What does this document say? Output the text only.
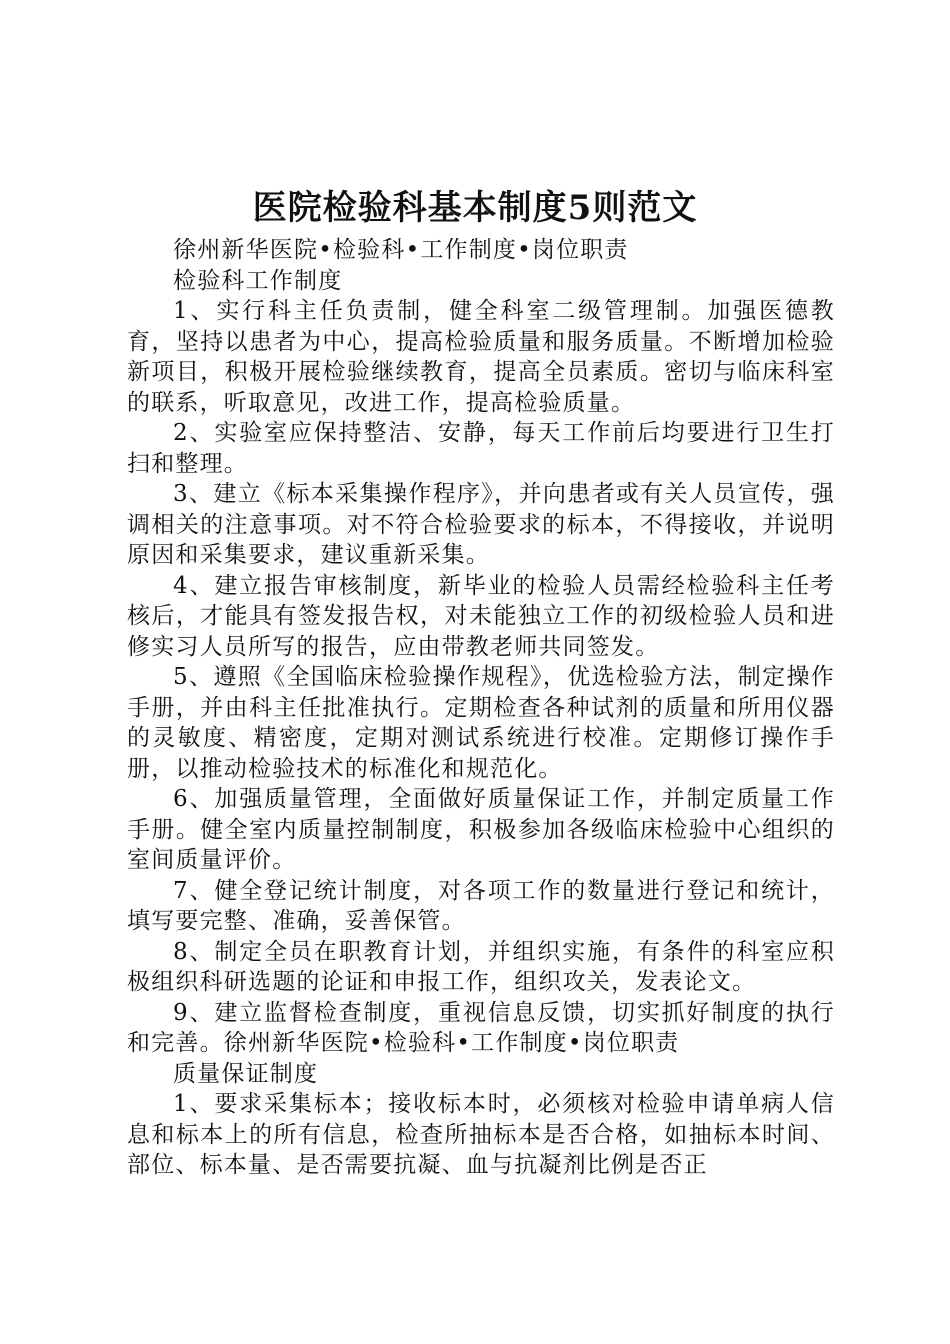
医院检验科基本制度5则范文

徐州新华医院•检验科•工作制度•岗位职责

检验科工作制度

1、实行科主任负责制，健全科室二级管理制。加强医德教育，坚持以患者为中心，提高检验质量和服务质量。不断增加检验新项目，积极开展检验继续教育，提高全员素质。密切与临床科室的联系，听取意见，改进工作，提高检验质量。

2、实验室应保持整洁、安静，每天工作前后均要进行卫生打扫和整理。

3、建立《标本采集操作程序》，并向患者或有关人员宣传，强调相关的注意事项。对不符合检验要求的标本，不得接收，并说明原因和采集要求，建议重新采集。

4、建立报告审核制度，新毕业的检验人员需经检验科主任考核后，才能具有签发报告权，对未能独立工作的初级检验人员和进修实习人员所写的报告，应由带教老师共同签发。

5、遵照《全国临床检验操作规程》，优选检验方法，制定操作手册，并由科主任批准执行。定期检查各种试剂的质量和所用仪器的灵敏度、精密度，定期对测试系统进行校准。定期修订操作手册，以推动检验技术的标准化和规范化。

6、加强质量管理，全面做好质量保证工作，并制定质量工作手册。健全室内质量控制制度，积极参加各级临床检验中心组织的室间质量评价。

7、健全登记统计制度，对各项工作的数量进行登记和统计，填写要完整、准确，妥善保管。

8、制定全员在职教育计划，并组织实施，有条件的科室应积极组织科研选题的论证和申报工作，组织攻关，发表论文。

9、建立监督检查制度，重视信息反馈，切实抓好制度的执行和完善。徐州新华医院•检验科•工作制度•岗位职责

质量保证制度

1、要求采集标本；接收标本时，必须核对检验申请单病人信息和标本上的所有信息，检查所抽标本是否合格，如抽标本时间、部位、标本量、是否需要抗凝、血与抗凝剂比例是否正
